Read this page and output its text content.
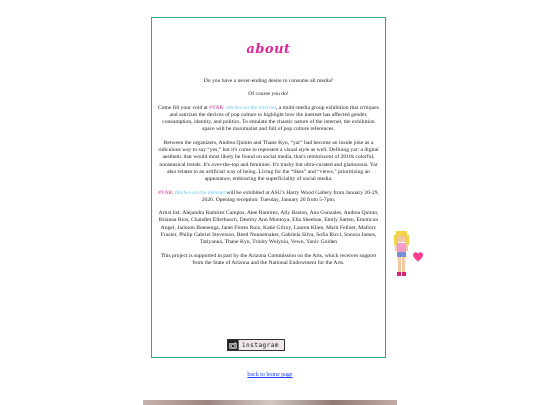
about

Do you have a never-ending desire to consume all media?

Of course you do!

Come fill your void at #YAR: bitches on the internet, a multi-media group exhibition that critiques and satirizes the devices of pop culture to highlight how the internet has affected gender, consumption, identity, and politics. To emulate the chaotic nature of the internet, the exhibition space will be maximalist and full of pop culture references.

Between the organizers, Andrea Quinto and Thane Kyu, “yar” had become an inside joke as a ridiculous way to say “yes,” but it's come to represent a visual style as well. Defining yar: a digital aesthetic that would most likely be found on social media, that's reminiscent of 2010s colorful, nonsensical trends. It's over-the-top and feminine. It's trashy but ultra-curated and glamorous. Yar also relates to an artificial way of being. Living for the “likes” and “views,” prioritizing an appearance, embracing the superficiality of social media.

#YAR: bitches on the internet will be exhibited at ASU's Harry Wood Gallery from January 20-29, 2026. Opening reception: Tuesday, January 20 from 5-7pm.

Artist list: Alejandra Ramirez Campos, Alee Ramirez, Ally Baston, Ana Gonzales, Andrea Quinto, Brianna Rios, Chandler Ellerbusch, Destiny Ann Montoya, Ella Sheehan, Emily Sarten, Emoticon Angel, Jackson Boenenga, Janet Flores Ruiz, Katie Gilroy, Lauren Klien, Marit Fellner, Mallory Frazier, Philip Gabriel Steverson, Reed Nunnemaker, Gabriela Silva, Sofia Ricci, Sonora James, Tatiyanna, Thane Kyu, Trinity Wolyniu, Vewn, Yaniv Golden

This project is supported in part by the Arizona Commission on the Arts, which receives support from the State of Arizona and the National Endowment for the Arts.

instagram
back to home page
